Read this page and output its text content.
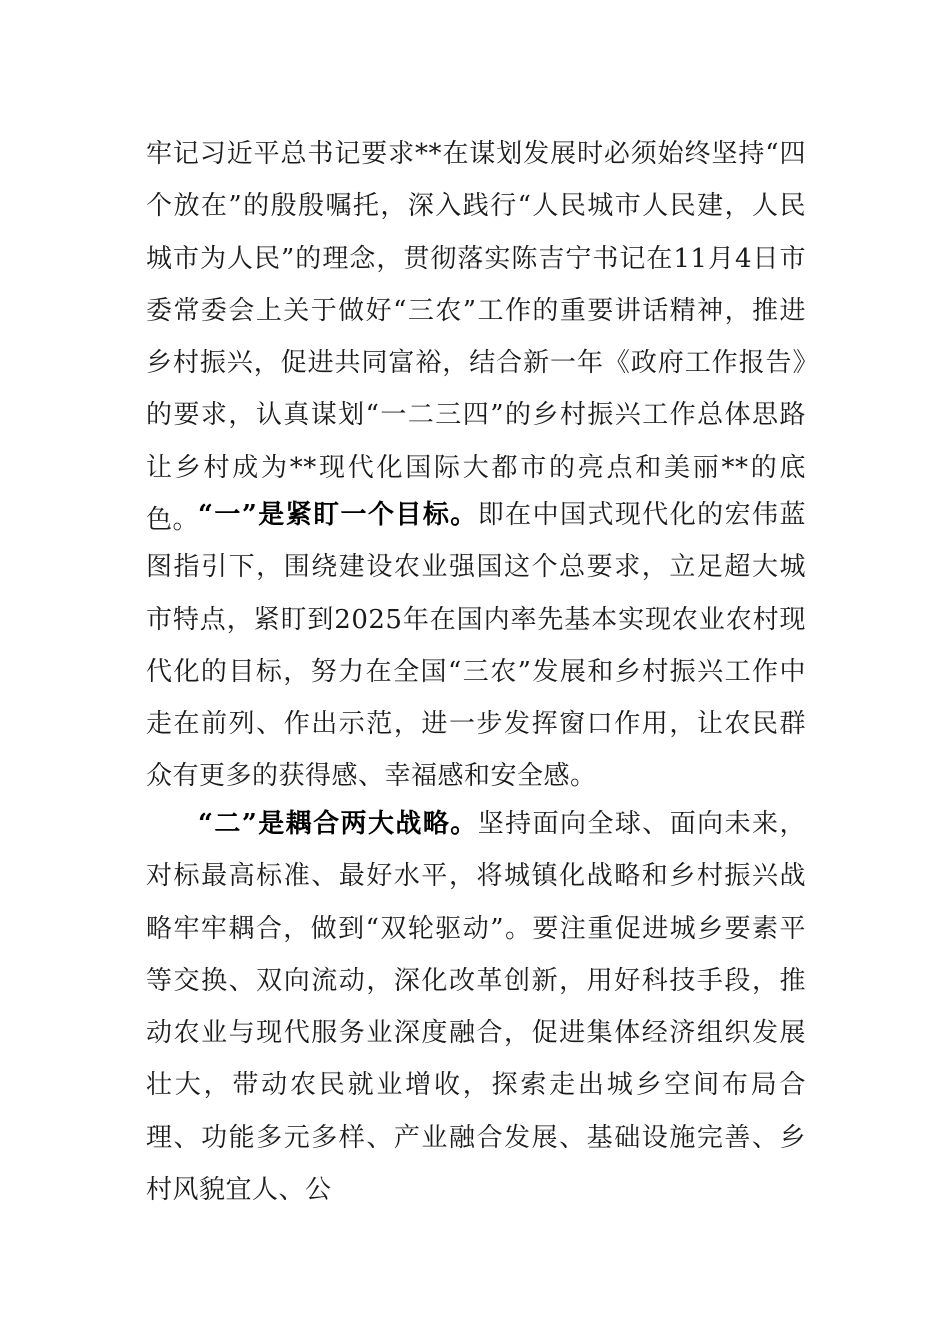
牢记习近平总书记要求**在谋划发展时必须始终坚持“四个放在”的殷殷嘱托，深入践行“人民城市人民建，人民城市为人民”的理念，贯彻落实陈吉宁书记在11月4日市委常委会上关于做好“三农”工作的重要讲话精神，推进乡村振兴，促进共同富裕，结合新一年《政府工作报告》的要求，认真谋划“一二三四”的乡村振兴工作总体思路让乡村成为**现代化国际大都市的亮点和美丽**的底色。

“一”是紧盯一个目标。即在中国式现代化的宏伟蓝图指引下，围绕建设农业强国这个总要求，立足超大城市特点，紧盯到2025年在国内率先基本实现农业农村现代化的目标，努力在全国“三农”发展和乡村振兴工作中走在前列、作出示范，进一步发挥窗口作用，让农民群众有更多的获得感、幸福感和安全感。

“二”是耦合两大战略。坚持面向全球、面向未来，对标最高标准、最好水平，将城镇化战略和乡村振兴战略牢牢耦合，做到“双轮驱动”。要注重促进城乡要素平等交换、双向流动，深化改革创新，用好科技手段，推动农业与现代服务业深度融合，促进集体经济组织发展壮大，带动农民就业增收，探索走出城乡空间布局合理、功能多元多样、产业融合发展、基础设施完善、乡村风貌宜人、公
